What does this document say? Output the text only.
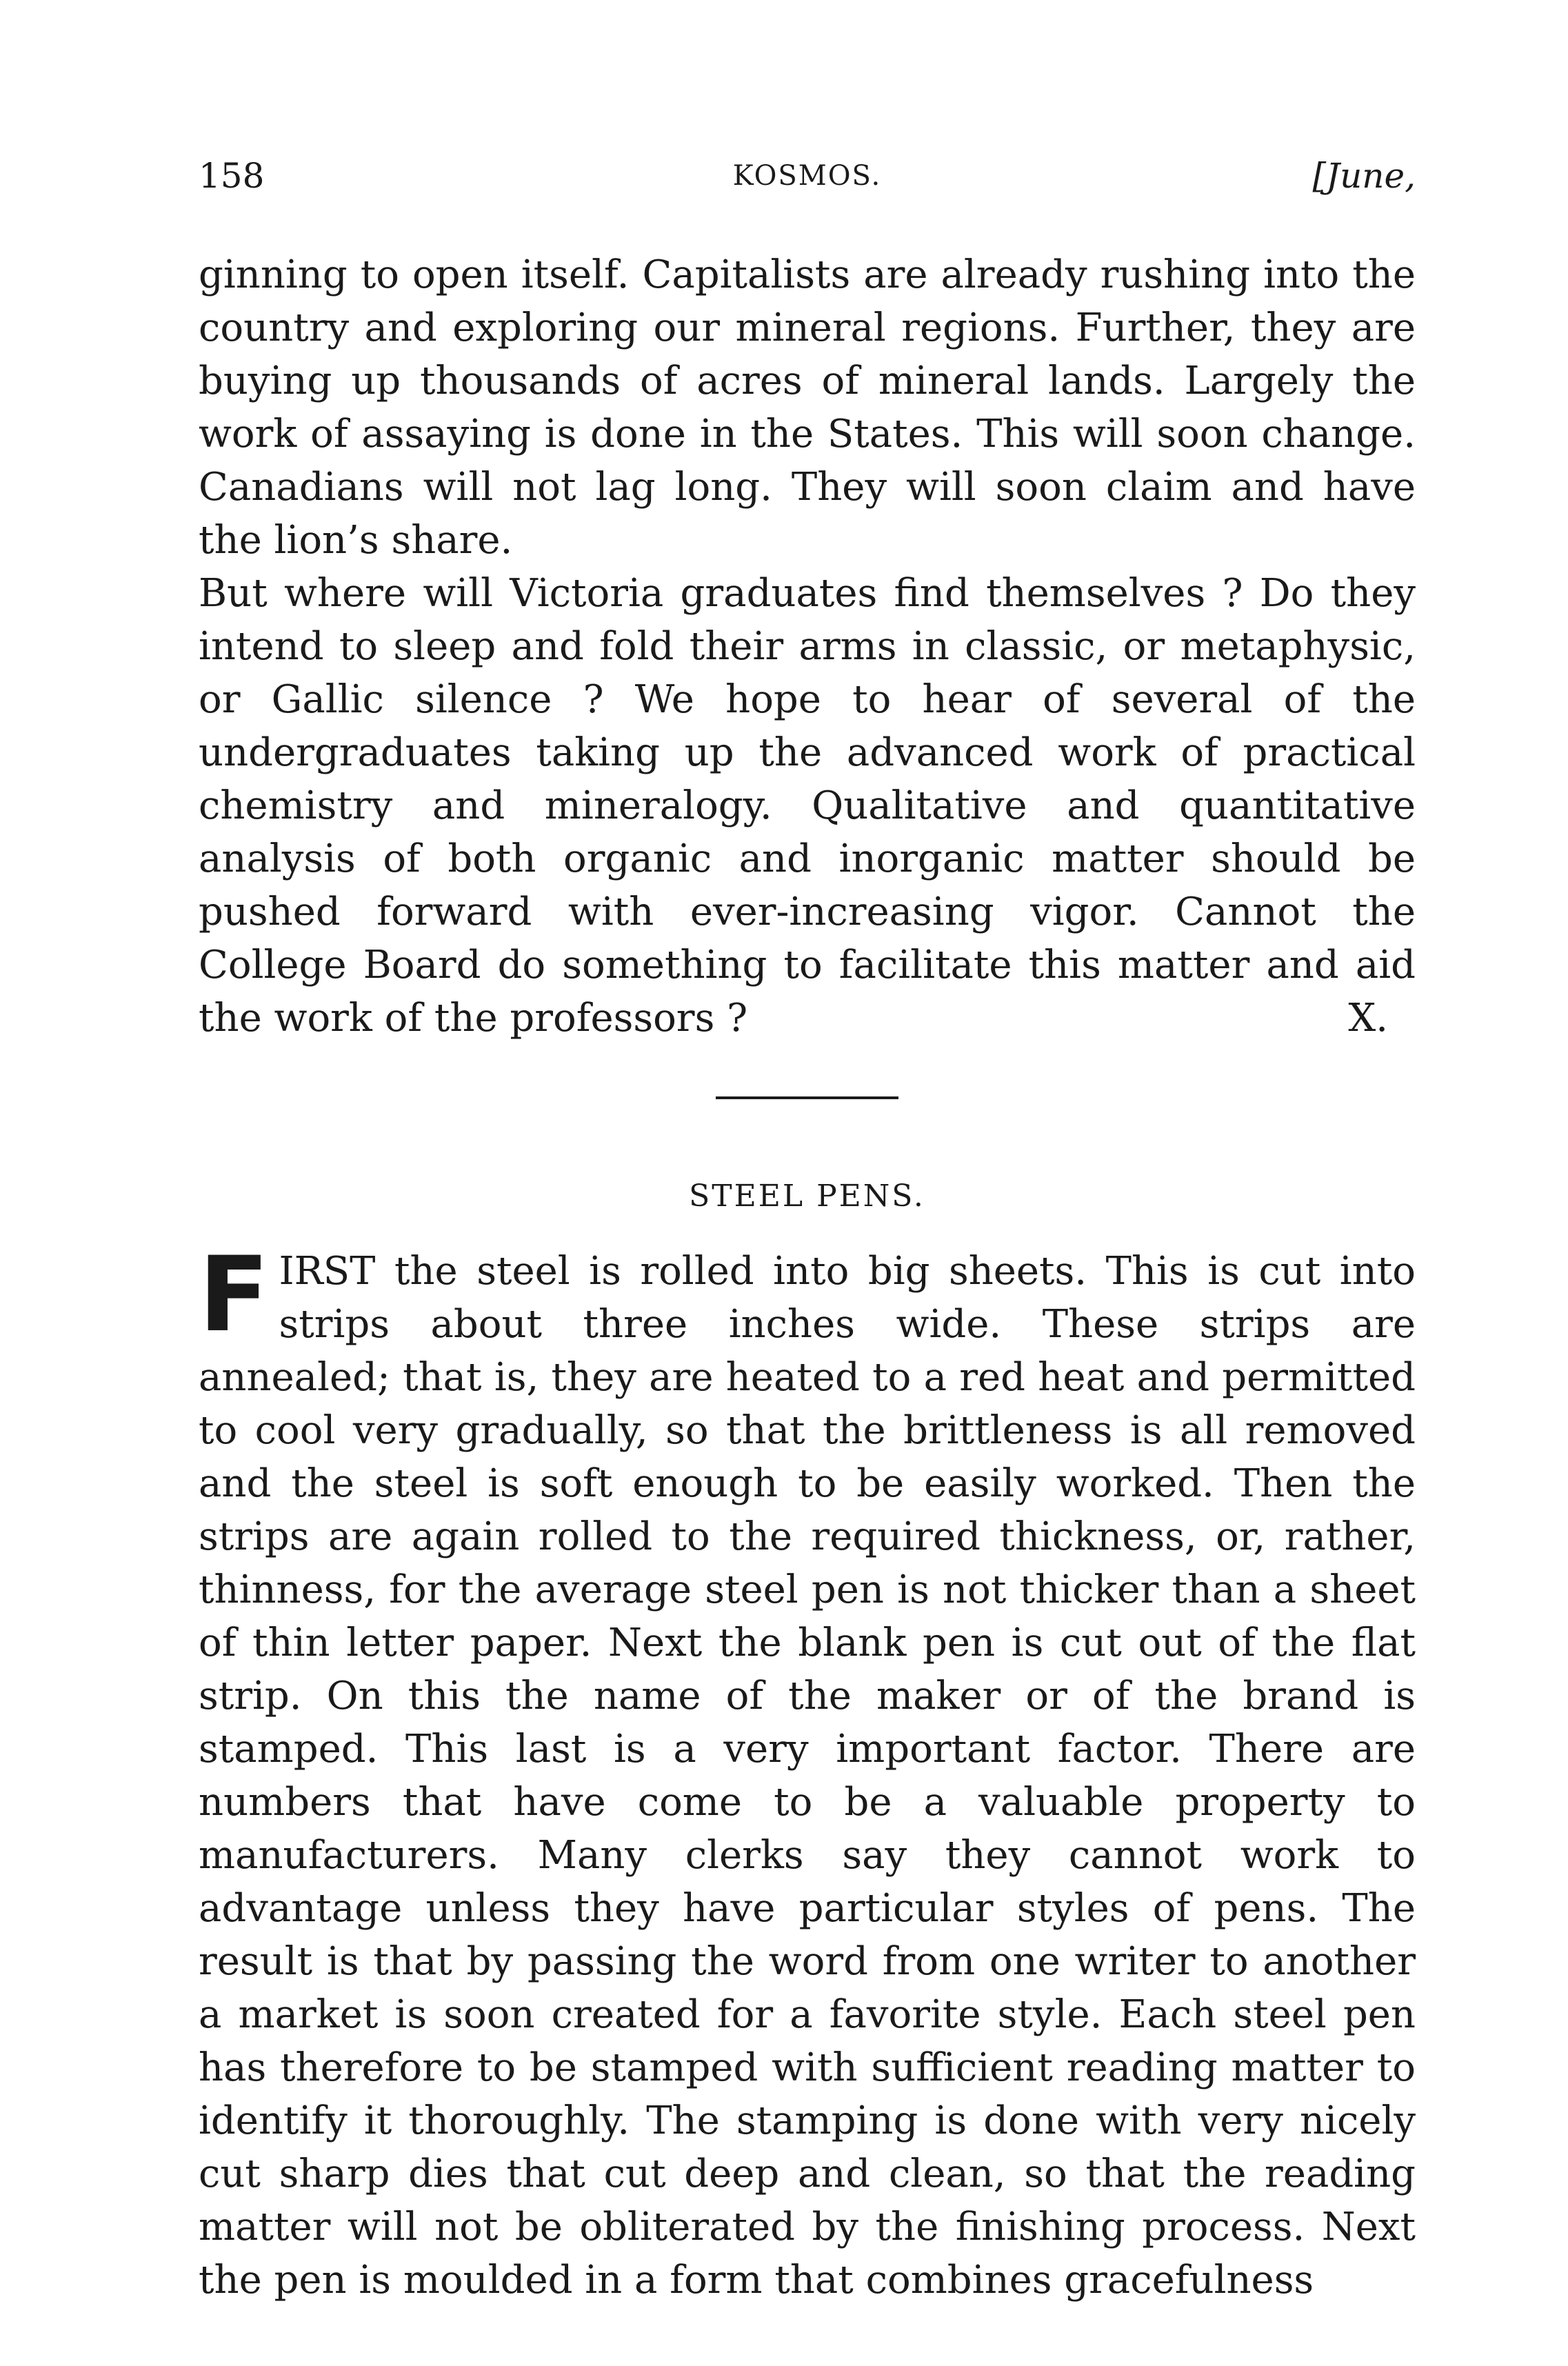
158	KOSMOS.	[June,

ginning to open itself. Capitalists are already rushing into the country and exploring our mineral regions. Further, they are buying up thousands of acres of mineral lands. Largely the work of assaying is done in the States. This will soon change. Canadians will not lag long. They will soon claim and have the lion’s share.

But where will Victoria graduates find themselves ? Do they intend to sleep and fold their arms in classic, or metaphysic, or Gallic silence ? We hope to hear of several of the undergraduates taking up the advanced work of practical chemistry and mineralogy. Qualitative and quantitative analysis of both organic and inorganic matter should be pushed forward with ever-increasing vigor. Cannot the College Board do something to facilitate this matter and aid the work of the professors ?	X.

STEEL PENS.

FIRST the steel is rolled into big sheets. This is cut into strips about three inches wide. These strips are annealed; that is, they are heated to a red heat and permitted to cool very gradually, so that the brittleness is all removed and the steel is soft enough to be easily worked. Then the strips are again rolled to the required thickness, or, rather, thinness, for the average steel pen is not thicker than a sheet of thin letter paper. Next the blank pen is cut out of the flat strip. On this the name of the maker or of the brand is stamped. This last is a very important factor. There are numbers that have come to be a valuable property to manufacturers. Many clerks say they cannot work to advantage unless they have particular styles of pens. The result is that by passing the word from one writer to another a market is soon created for a favorite style. Each steel pen has therefore to be stamped with sufficient reading matter to identify it thoroughly. The stamping is done with very nicely cut sharp dies that cut deep and clean, so that the reading matter will not be obliterated by the finishing process. Next the pen is moulded in a form that combines gracefulness
